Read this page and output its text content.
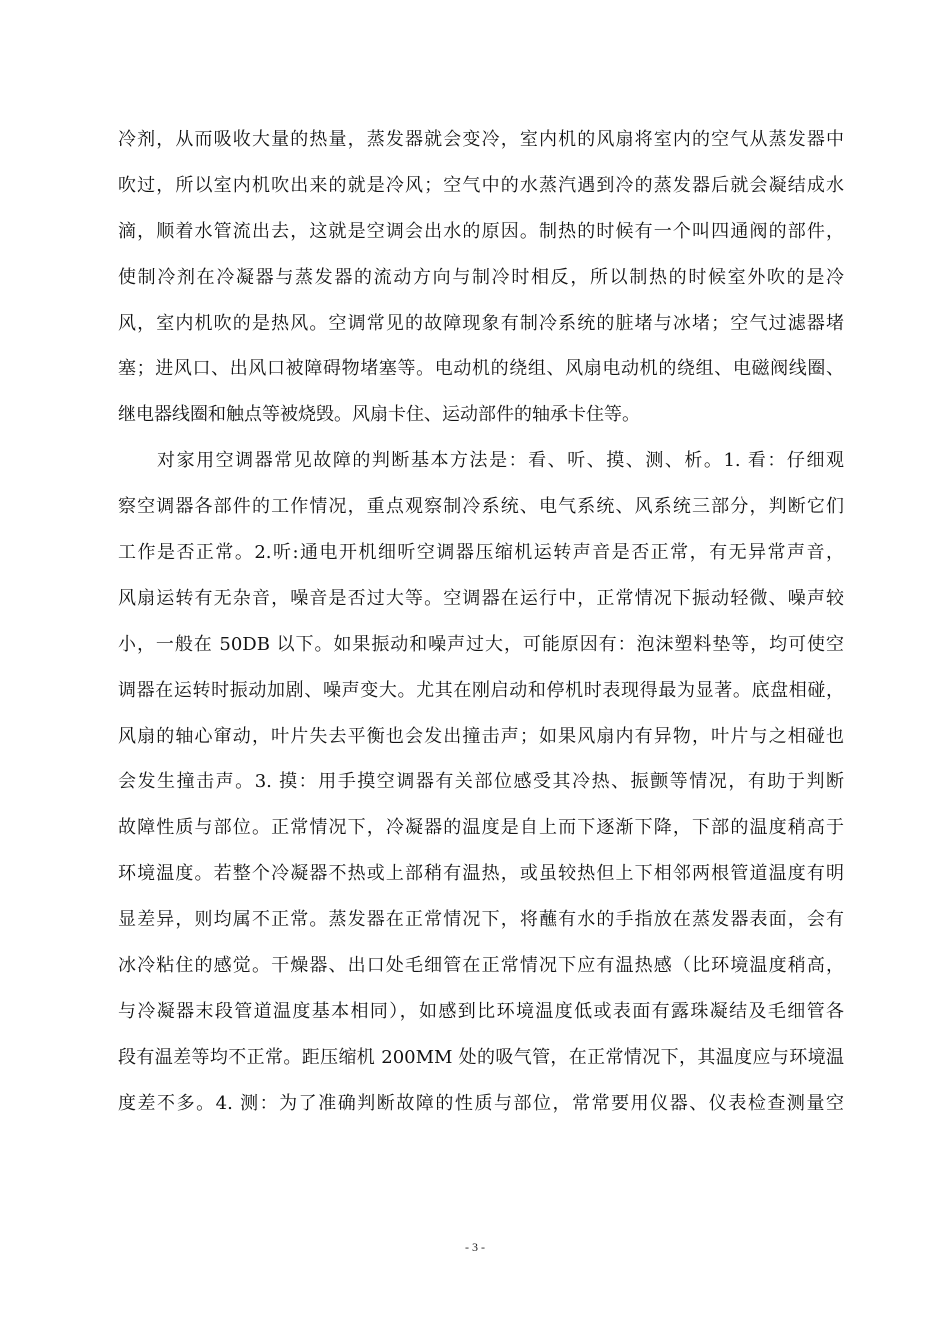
冷剂，从而吸收大量的热量，蒸发器就会变冷，室内机的风扇将室内的空气从蒸发器中
吹过，所以室内机吹出来的就是冷风；空气中的水蒸汽遇到冷的蒸发器后就会凝结成水
滴，顺着水管流出去，这就是空调会出水的原因。制热的时候有一个叫四通阀的部件，
使制冷剂在冷凝器与蒸发器的流动方向与制冷时相反，所以制热的时候室外吹的是冷
风，室内机吹的是热风。空调常见的故障现象有制冷系统的脏堵与冰堵；空气过滤器堵
塞；进风口、出风口被障碍物堵塞等。电动机的绕组、风扇电动机的绕组、电磁阀线圈、
继电器线圈和触点等被烧毁。风扇卡住、运动部件的轴承卡住等。
　　对家用空调器常见故障的判断基本方法是：看、听、摸、测、析。1. 看：仔细观
察空调器各部件的工作情况，重点观察制冷系统、电气系统、风系统三部分，判断它们
工作是否正常。2.听:通电开机细听空调器压缩机运转声音是否正常，有无异常声音，
风扇运转有无杂音，噪音是否过大等。空调器在运行中，正常情况下振动轻微、噪声较
小，一般在 50DB 以下。如果振动和噪声过大，可能原因有：泡沫塑料垫等，均可使空
调器在运转时振动加剧、噪声变大。尤其在刚启动和停机时表现得最为显著。底盘相碰，
风扇的轴心窜动，叶片失去平衡也会发出撞击声；如果风扇内有异物，叶片与之相碰也
会发生撞击声。3. 摸：用手摸空调器有关部位感受其冷热、振颤等情况，有助于判断
故障性质与部位。正常情况下，冷凝器的温度是自上而下逐渐下降，下部的温度稍高于
环境温度。若整个冷凝器不热或上部稍有温热，或虽较热但上下相邻两根管道温度有明
显差异，则均属不正常。蒸发器在正常情况下，将蘸有水的手指放在蒸发器表面，会有
冰冷粘住的感觉。干燥器、出口处毛细管在正常情况下应有温热感（比环境温度稍高，
与冷凝器末段管道温度基本相同），如感到比环境温度低或表面有露珠凝结及毛细管各
段有温差等均不正常。距压缩机 200MM 处的吸气管，在正常情况下，其温度应与环境温
度差不多。4. 测：为了准确判断故障的性质与部位，常常要用仪器、仪表检查测量空
- 3 -
